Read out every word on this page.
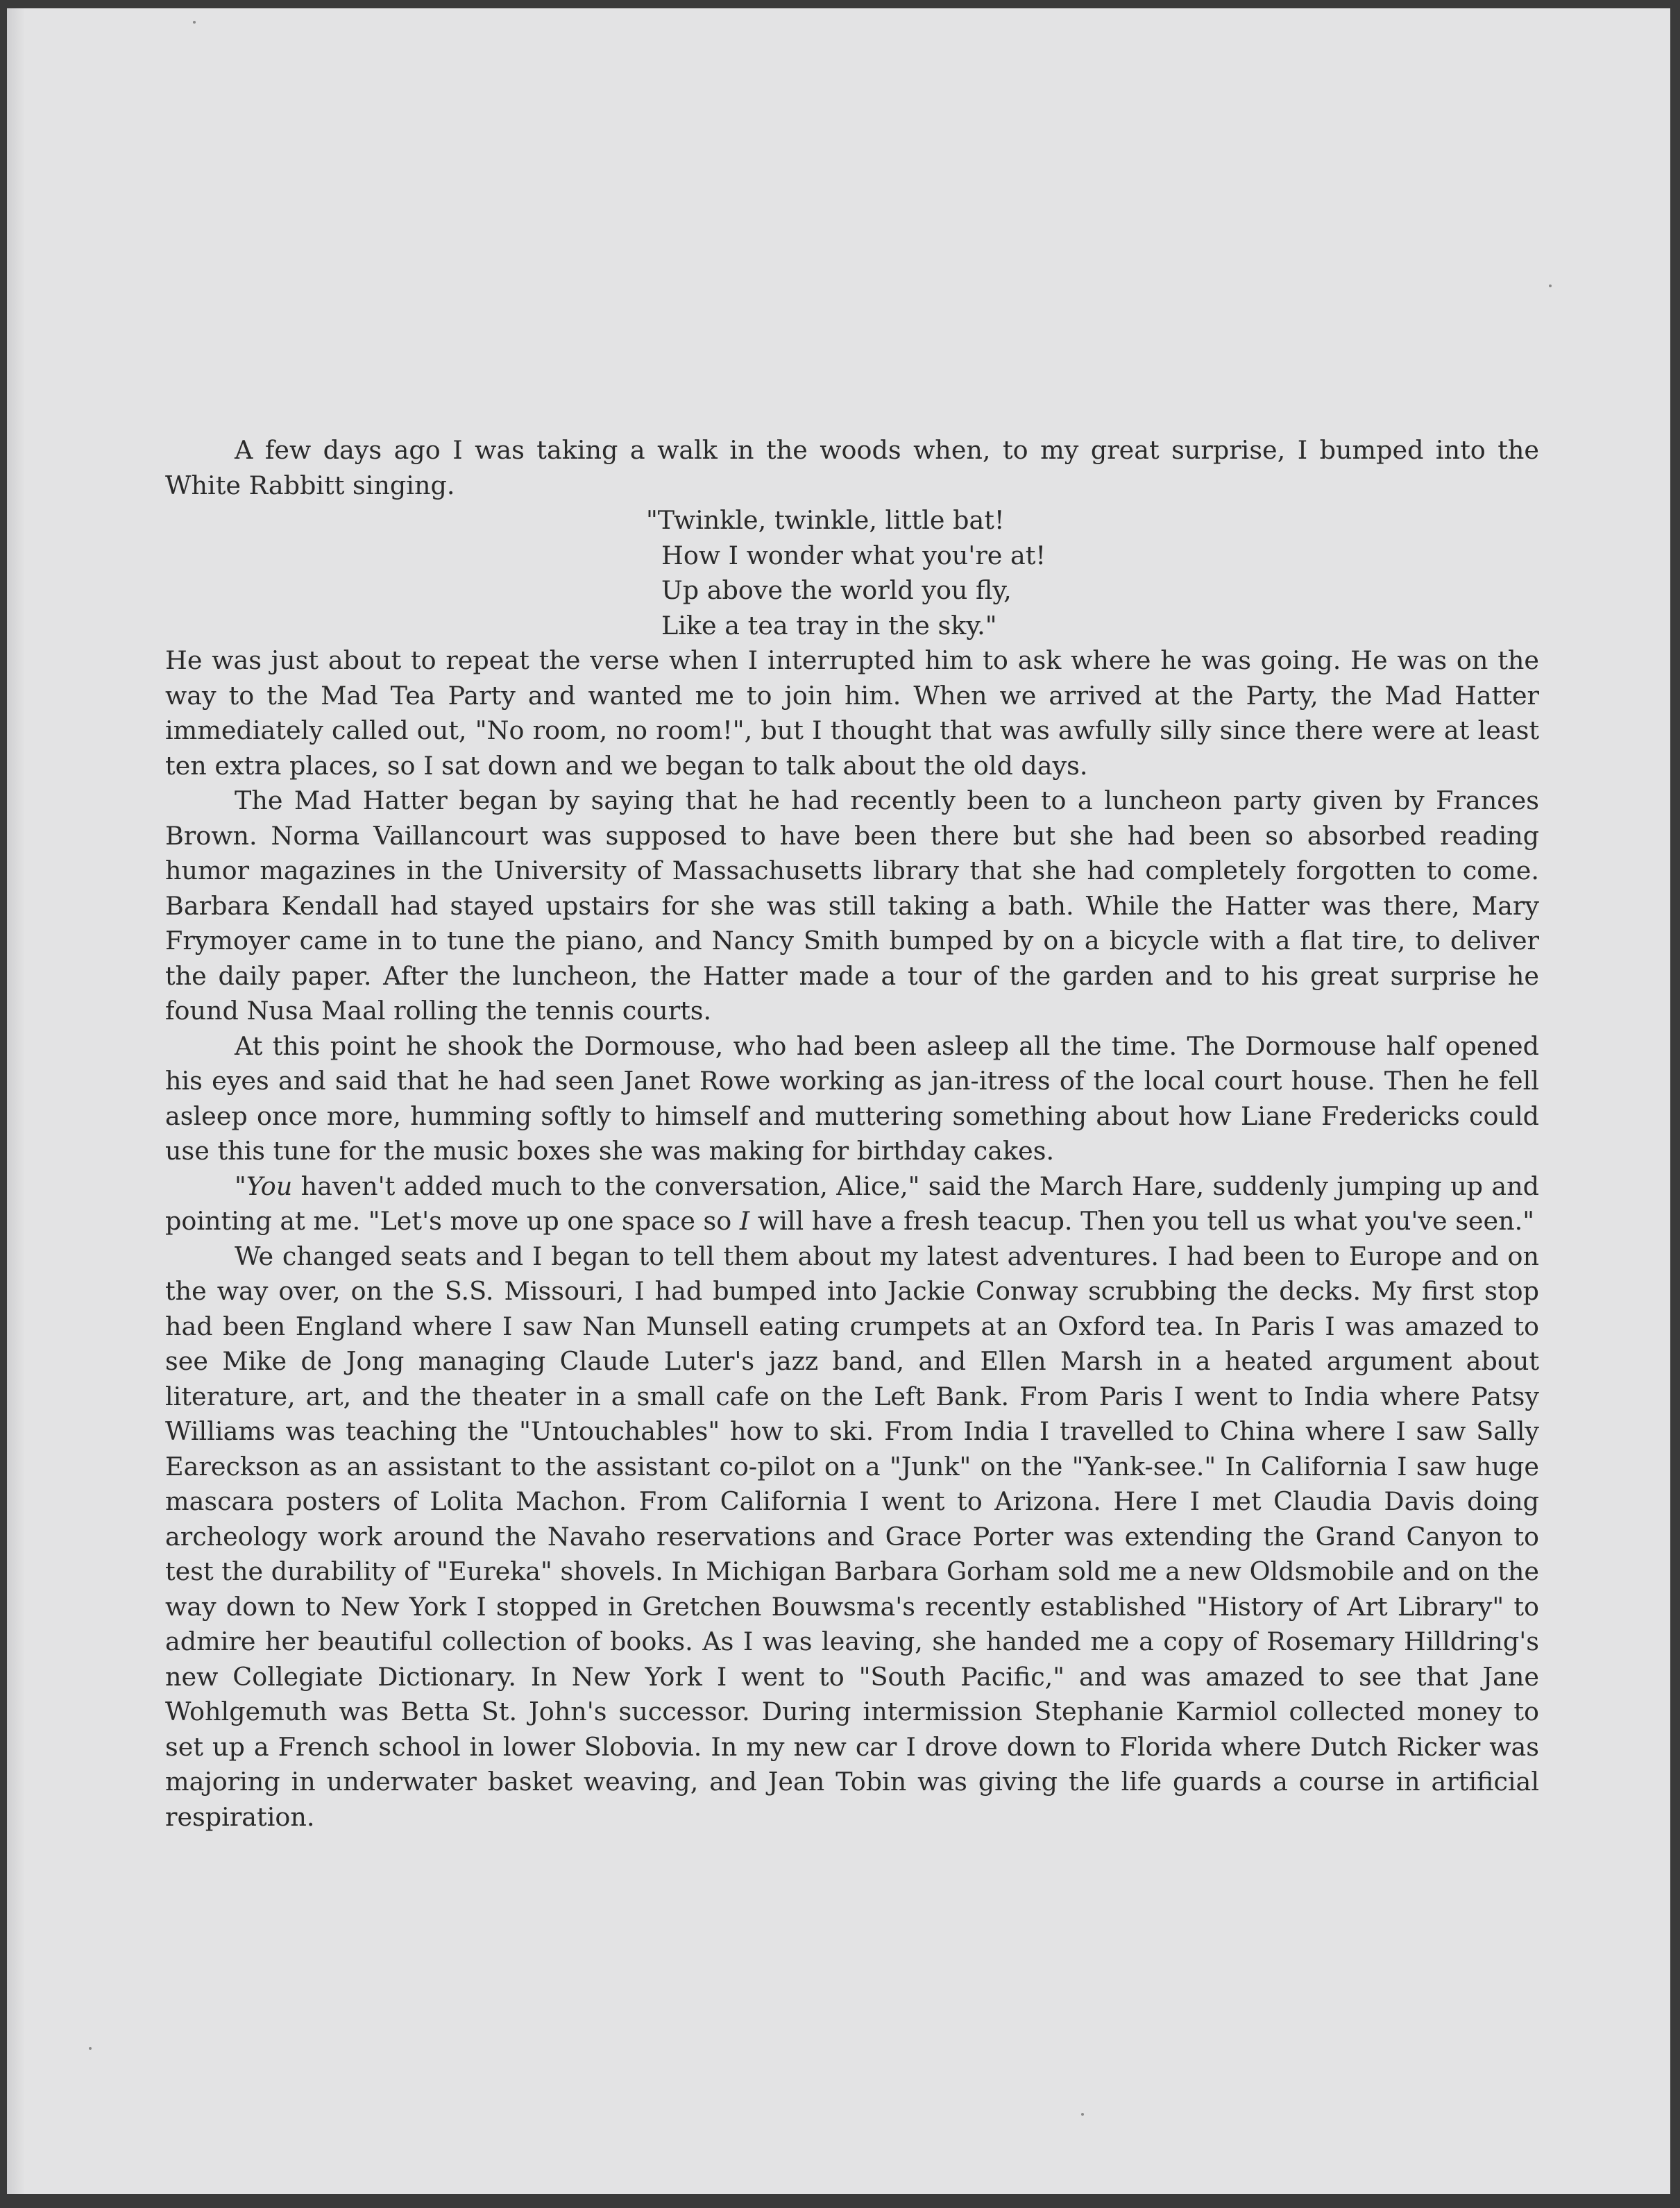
A few days ago I was taking a walk in the woods when, to my great surprise, I bumped into the White Rabbitt singing.

"Twinkle, twinkle, little bat!
How I wonder what you're at!
Up above the world you fly,
Like a tea tray in the sky."

He was just about to repeat the verse when I interrupted him to ask where he was going. He was on the way to the Mad Tea Party and wanted me to join him. When we arrived at the Party, the Mad Hatter immediately called out, "No room, no room!", but I thought that was awfully silly since there were at least ten extra places, so I sat down and we began to talk about the old days.

The Mad Hatter began by saying that he had recently been to a luncheon party given by Frances Brown. Norma Vaillancourt was supposed to have been there but she had been so absorbed reading humor magazines in the University of Massachusetts library that she had completely forgotten to come. Barbara Kendall had stayed upstairs for she was still taking a bath. While the Hatter was there, Mary Frymoyer came in to tune the piano, and Nancy Smith bumped by on a bicycle with a flat tire, to deliver the daily paper. After the luncheon, the Hatter made a tour of the garden and to his great surprise he found Nusa Maal rolling the tennis courts.

At this point he shook the Dormouse, who had been asleep all the time. The Dormouse half opened his eyes and said that he had seen Janet Rowe working as jan-itress of the local court house. Then he fell asleep once more, humming softly to himself and muttering something about how Liane Fredericks could use this tune for the music boxes she was making for birthday cakes.

"You haven't added much to the conversation, Alice," said the March Hare, suddenly jumping up and pointing at me. "Let's move up one space so I will have a fresh teacup. Then you tell us what you've seen."

We changed seats and I began to tell them about my latest adventures. I had been to Europe and on the way over, on the S.S. Missouri, I had bumped into Jackie Conway scrubbing the decks. My first stop had been England where I saw Nan Munsell eating crumpets at an Oxford tea. In Paris I was amazed to see Mike de Jong managing Claude Luter's jazz band, and Ellen Marsh in a heated argument about literature, art, and the theater in a small cafe on the Left Bank. From Paris I went to India where Patsy Williams was teaching the "Untouchables" how to ski. From India I travelled to China where I saw Sally Eareckson as an assistant to the assistant co-pilot on a "Junk" on the "Yank-see." In California I saw huge mascara posters of Lolita Machon. From California I went to Arizona. Here I met Claudia Davis doing archeology work around the Navaho reservations and Grace Porter was extending the Grand Canyon to test the durability of "Eureka" shovels. In Michigan Barbara Gorham sold me a new Oldsmobile and on the way down to New York I stopped in Gretchen Bouwsma's recently established "History of Art Library" to admire her beautiful collection of books. As I was leaving, she handed me a copy of Rosemary Hilldring's new Collegiate Dictionary. In New York I went to "South Pacific," and was amazed to see that Jane Wohlgemuth was Betta St. John's successor. During intermission Stephanie Karmiol collected money to set up a French school in lower Slobovia. In my new car I drove down to Florida where Dutch Ricker was majoring in underwater basket weaving, and Jean Tobin was giving the life guards a course in artificial respiration.
